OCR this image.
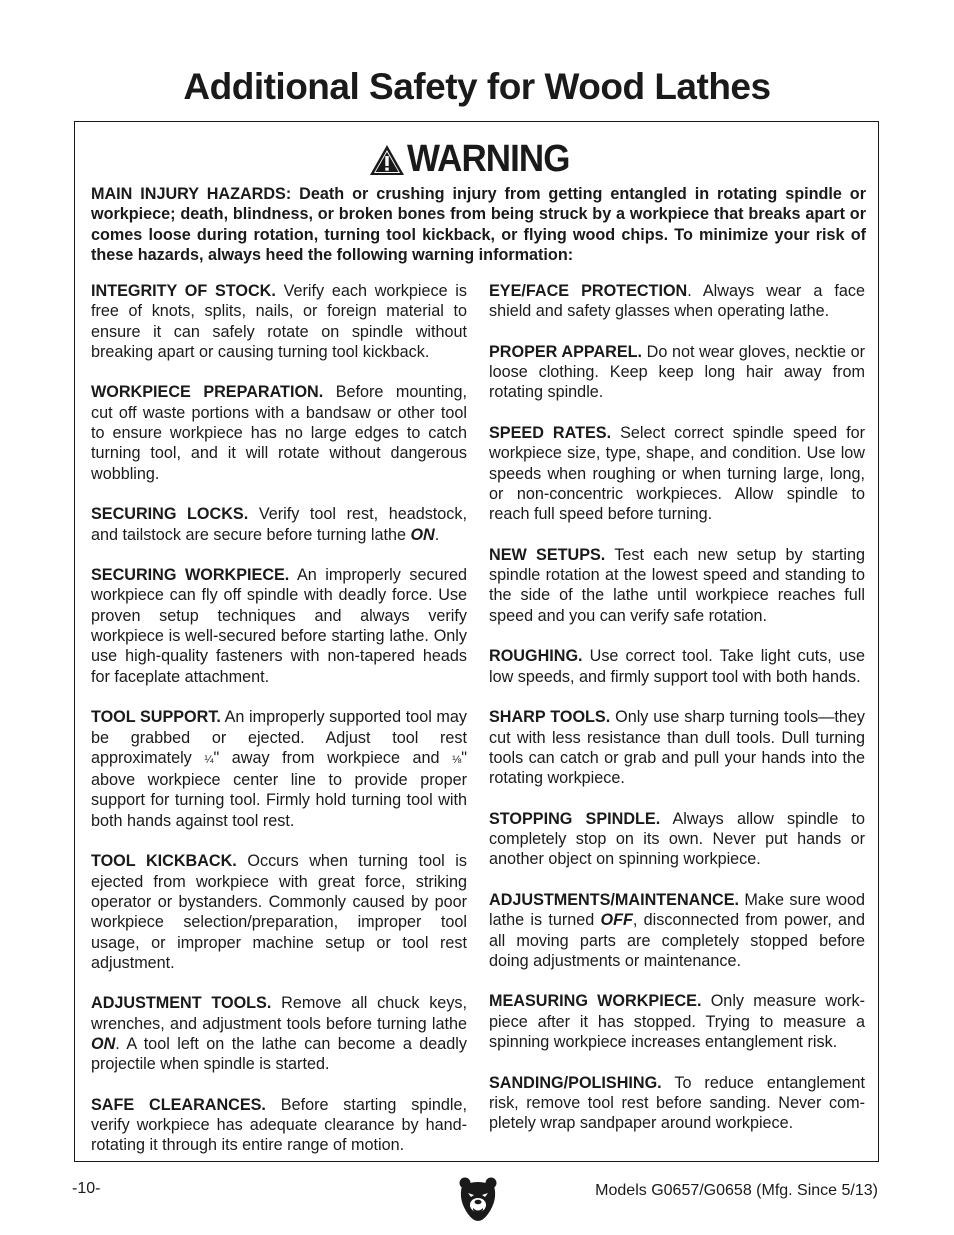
Additional Safety for Wood Lathes
WARNING

MAIN INJURY HAZARDS: Death or crushing injury from getting entangled in rotating spindle or workpiece; death, blindness, or broken bones from being struck by a workpiece that breaks apart or comes loose during rotation, turning tool kickback, or flying wood chips. To minimize your risk of these hazards, always heed the following warning information:

INTEGRITY OF STOCK. Verify each workpiece is free of knots, splits, nails, or foreign material to ensure it can safely rotate on spindle without breaking apart or causing turning tool kickback.

WORKPIECE PREPARATION. Before mounting, cut off waste portions with a bandsaw or other tool to ensure workpiece has no large edges to catch turning tool, and it will rotate without dangerous wobbling.

SECURING LOCKS. Verify tool rest, headstock, and tailstock are secure before turning lathe ON.

SECURING WORKPIECE. An improperly secured workpiece can fly off spindle with deadly force. Use proven setup techniques and always verify workpiece is well-secured before starting lathe. Only use high-quality fasteners with non-tapered heads for faceplate attachment.

TOOL SUPPORT. An improperly supported tool may be grabbed or ejected. Adjust tool rest approximately ¼" away from workpiece and ⅛" above workpiece center line to provide proper support for turning tool. Firmly hold turning tool with both hands against tool rest.

TOOL KICKBACK. Occurs when turning tool is ejected from workpiece with great force, striking operator or bystanders. Commonly caused by poor workpiece selection/preparation, improper tool usage, or improper machine setup or tool rest adjustment.

ADJUSTMENT TOOLS. Remove all chuck keys, wrenches, and adjustment tools before turning lathe ON. A tool left on the lathe can become a deadly projectile when spindle is started.

SAFE CLEARANCES. Before starting spindle, verify workpiece has adequate clearance by hand-rotating it through its entire range of motion.

EYE/FACE PROTECTION. Always wear a face shield and safety glasses when operating lathe.

PROPER APPAREL. Do not wear gloves, necktie or loose clothing. Keep keep long hair away from rotating spindle.

SPEED RATES. Select correct spindle speed for workpiece size, type, shape, and condition. Use low speeds when roughing or when turning large, long, or non-concentric workpieces. Allow spindle to reach full speed before turning.

NEW SETUPS. Test each new setup by starting spindle rotation at the lowest speed and standing to the side of the lathe until workpiece reaches full speed and you can verify safe rotation.

ROUGHING. Use correct tool. Take light cuts, use low speeds, and firmly support tool with both hands.

SHARP TOOLS. Only use sharp turning tools—they cut with less resistance than dull tools. Dull turning tools can catch or grab and pull your hands into the rotating workpiece.

STOPPING SPINDLE. Always allow spindle to completely stop on its own. Never put hands or another object on spinning workpiece.

ADJUSTMENTS/MAINTENANCE. Make sure wood lathe is turned OFF, disconnected from power, and all moving parts are completely stopped before doing adjustments or maintenance.

MEASURING WORKPIECE. Only measure work-piece after it has stopped. Trying to measure a spinning workpiece increases entanglement risk.

SANDING/POLISHING. To reduce entanglement risk, remove tool rest before sanding. Never com-pletely wrap sandpaper around workpiece.

-10-	Models G0657/G0658 (Mfg. Since 5/13)
